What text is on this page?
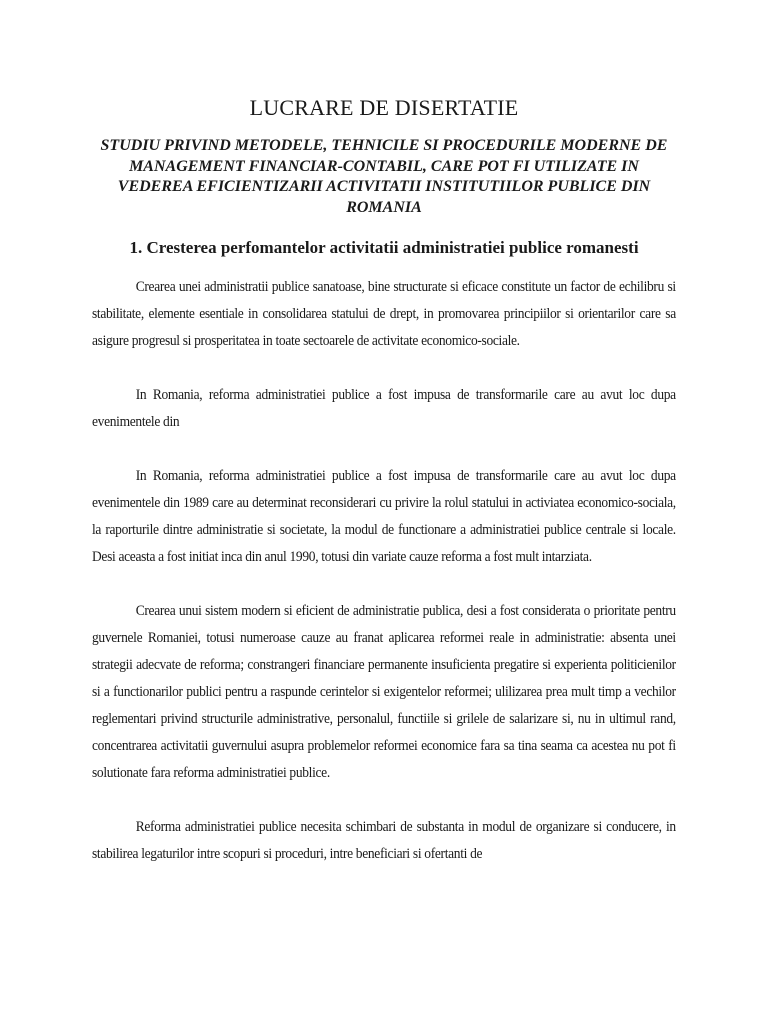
LUCRARE DE DISERTATIE
STUDIU PRIVIND METODELE, TEHNICILE SI PROCEDURILE MODERNE DE MANAGEMENT FINANCIAR-CONTABIL, CARE POT FI UTILIZATE IN VEDEREA EFICIENTIZARII ACTIVITATII INSTITUTIILOR PUBLICE DIN ROMANIA
1. Cresterea perfomantelor activitatii administratiei publice romanesti

Crearea unei administratii publice sanatoase, bine structurate si eficace constitute un factor de echilibru si stabilitate, elemente esentiale in consolidarea statului de drept, in promovarea principiilor si orientarilor care sa asigure progresul si prosperitatea in toate sectoarele de activitate economico-sociale.

In Romania, reforma administratiei publice a fost impusa de transformarile care au avut loc dupa evenimentele din

In Romania, reforma administratiei publice a fost impusa de transformarile care au avut loc dupa evenimentele din 1989 care au determinat reconsiderari cu privire la rolul statului in activiatea economico-sociala, la raporturile dintre administratie si societate, la modul de functionare a administratiei publice centrale si locale. Desi aceasta a fost initiat inca din anul 1990, totusi din variate cauze reforma a fost mult intarziata.

Crearea unui sistem modern si eficient de administratie publica, desi a fost considerata o prioritate pentru guvernele Romaniei, totusi numeroase cauze au franat aplicarea reformei reale in administratie: absenta unei strategii adecvate de reforma; constrangeri financiare permanente insuficienta pregatire si experienta politicienilor si a functionarilor publici pentru a raspunde cerintelor si exigentelor reformei; ulilizarea prea mult timp a vechilor reglementari privind structurile administrative, personalul, functiile si grilele de salarizare si, nu in ultimul rand, concentrarea activitatii guvernului asupra problemelor reformei economice fara sa tina seama ca acestea nu pot fi solutionate fara reforma administratiei publice.

Reforma administratiei publice necesita schimbari de substanta in modul de organizare si conducere, in stabilirea legaturilor intre scopuri si proceduri, intre beneficiari si ofertanti de
